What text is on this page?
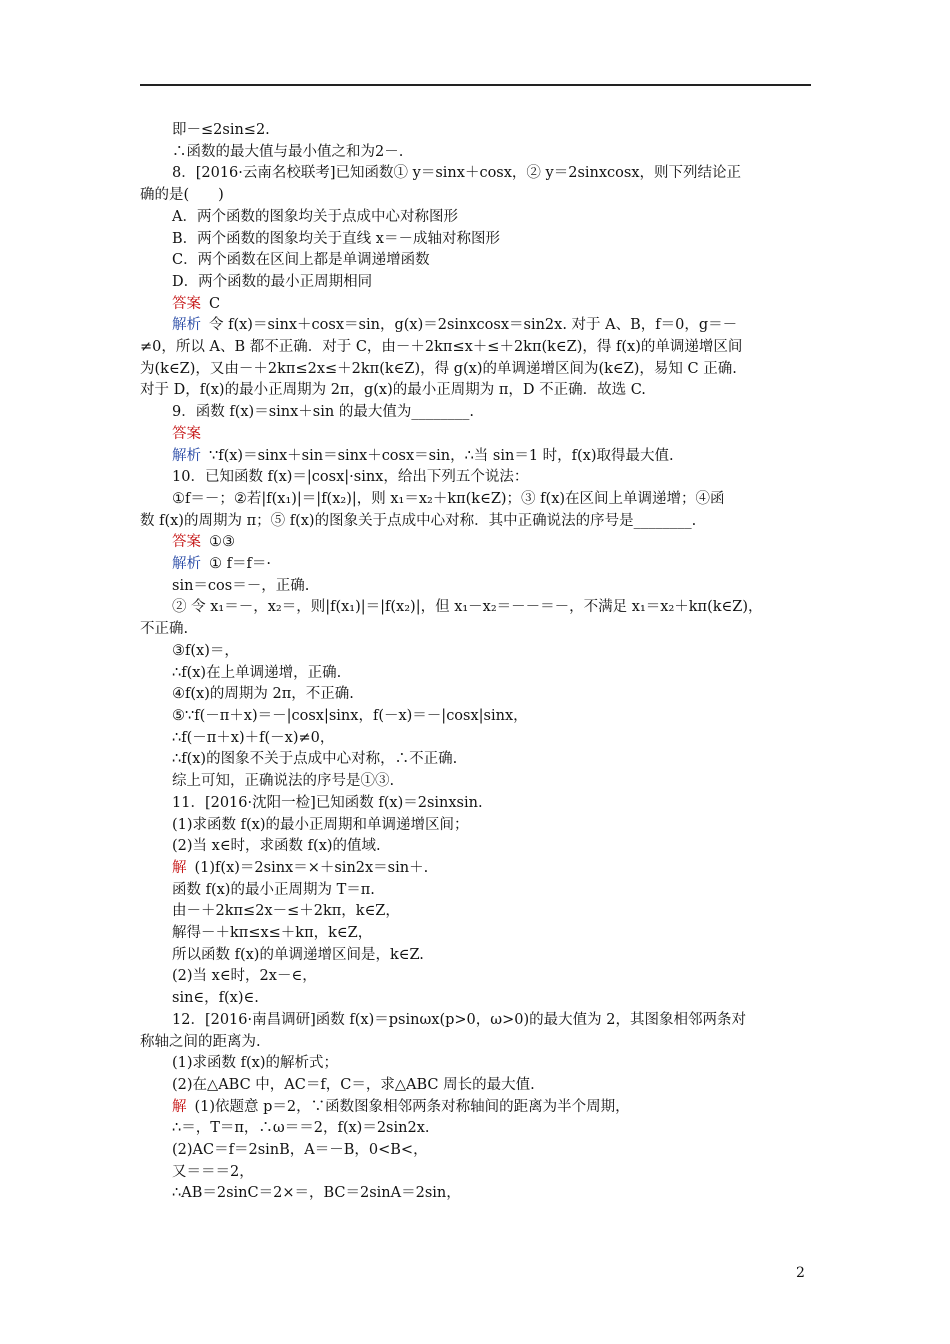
即－≤2sin≤2.
∴函数的最大值与最小值之和为2－.
8．[2016·云南名校联考]已知函数① y＝sinx＋cosx，② y＝2sinxcosx，则下列结论正
确的是(　　)
A．两个函数的图象均关于点成中心对称图形
B．两个函数的图象均关于直线 x＝－成轴对称图形
C．两个函数在区间上都是单调递增函数
D．两个函数的最小正周期相同
答案 C
解析 令 f(x)＝sinx＋cosx＝sin，g(x)＝2sinxcosx＝sin2x. 对于 A、B，f＝0，g＝－
≠0，所以 A、B 都不正确．对于 C，由－＋2kπ≤x＋≤＋2kπ(k∈Z)，得 f(x)的单调递增区间
为(k∈Z)，又由－＋2kπ≤2x≤＋2kπ(k∈Z)，得 g(x)的单调递增区间为(k∈Z)，易知 C 正确.
对于 D，f(x)的最小正周期为 2π，g(x)的最小正周期为 π，D 不正确．故选 C.
9．函数 f(x)＝sinx＋sin 的最大值为________.
答案
解析 ∵f(x)＝sinx＋sin＝sinx＋cosx＝sin，∴当 sin＝1 时，f(x)取得最大值.
10．已知函数 f(x)＝|cosx|·sinx，给出下列五个说法：
①f＝－；②若|f(x₁)|＝|f(x₂)|，则 x₁＝x₂＋kπ(k∈Z)；③ f(x)在区间上单调递增；④函
数 f(x)的周期为 π；⑤ f(x)的图象关于点成中心对称．其中正确说法的序号是________.
答案 ①③
解析 ① f＝f＝·
sin＝cos＝－，正确.
② 令 x₁＝－，x₂＝，则|f(x₁)|＝|f(x₂)|，但 x₁－x₂＝－－＝－，不满足 x₁＝x₂＋kπ(k∈Z)，
不正确.
③f(x)＝，
∴f(x)在上单调递增，正确.
④f(x)的周期为 2π，不正确.
⑤∵f(－π＋x)＝－|cosx|sinx，f(－x)＝－|cosx|sinx，
∴f(－π＋x)＋f(－x)≠0，
∴f(x)的图象不关于点成中心对称，∴不正确.
综上可知，正确说法的序号是①③.
11．[2016·沈阳一检]已知函数 f(x)＝2sinxsin.
(1)求函数 f(x)的最小正周期和单调递增区间；
(2)当 x∈时，求函数 f(x)的值域.
解 (1)f(x)＝2sinx＝×＋sin2x＝sin＋.
函数 f(x)的最小正周期为 T＝π.
由－＋2kπ≤2x－≤＋2kπ，k∈Z，
解得－＋kπ≤x≤＋kπ，k∈Z，
所以函数 f(x)的单调递增区间是，k∈Z.
(2)当 x∈时，2x－∈，
sin∈，f(x)∈.
12．[2016·南昌调研]函数 f(x)＝psinωx(p>0，ω>0)的最大值为 2，其图象相邻两条对
称轴之间的距离为.
(1)求函数 f(x)的解析式；
(2)在△ABC 中，AC＝f，C＝，求△ABC 周长的最大值.
解 (1)依题意 p＝2，∵函数图象相邻两条对称轴间的距离为半个周期，
∴＝，T＝π，∴ω＝＝2，f(x)＝2sin2x.
(2)AC＝f＝2sinB，A＝－B，0<B<，
又＝＝＝2，
∴AB＝2sinC＝2×＝，BC＝2sinA＝2sin，
2
